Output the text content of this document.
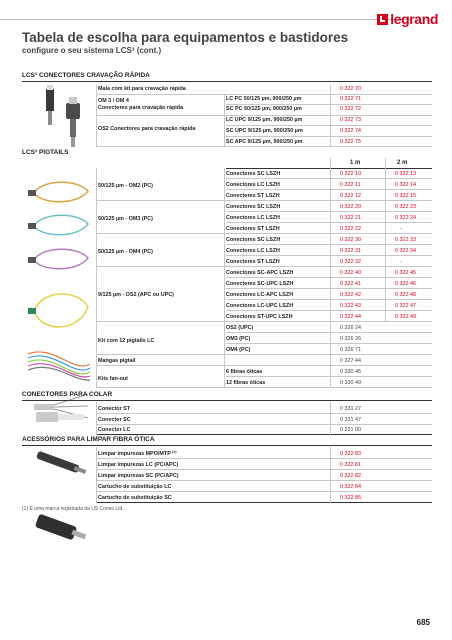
legrand
Tabela de escolha para equipamentos e bastidores
configure o seu sistema LCS³ (cont.)
LCS³ CONECTORES CRAVAÇÃO RÁPIDA
Mala com kit para cravação rápida	0 322 70
OM 3 / OM 4
Conectores para cravação rápida
LC PC 50/125 µm, 900/250 µm	0 322 71
SC PC 50/125 µm, 900/250 µm	0 322 72
OS2 Conectores para cravação rápida
LC UPC 9/125 µm, 900/250 µm	0 322 73
SC UPC 9/125 µm, 900/250 µm	0 322 74
SC APC 9/125 µm, 900/250 µm	0 322 75
LCS³ PIGTAILS
1 m	2 m
50/125 µm - OM2 (PC)
Conectores SC LSZH	0 322 10	0 322 13
Conectores LC LSZH	0 322 11	0 322 14
Conectores ST LSZH	0 322 12	0 322 15
50/125 µm - OM3 (PC)
Conectores SC LSZH	0 322 20	0 322 23
Conectores LC LSZH	0 322 21	0 322 24
Conectores ST LSZH	0 322 22	-
50/125 µm - OM4 (PC)
Conectores SC LSZH	0 322 30	0 322 33
Conectores LC LSZH	0 322 31	0 322 34
Conectores ST LSZH	0 322 32	-
9/125 µm - OS2 (APC ou UPC)
Conectores SC-APC LSZH	0 322 40	0 322 45
Conectores SC-UPC LSZH	0 322 41	0 322 46
Conectores LC-APC LSZH	0 322 42	0 322 48
Conectores LC-UPC LSZH	0 322 43	0 322 47
Conectores ST-UPC LSZH	0 322 44	0 322 49
Kit com 12 pigtails LC
OS2 (UPC)	0 326 24
OM3 (PC)	0 326 26
OM4 (PC)	0 326 71
Mangas pigtail	0 327 44
Kits fan-out
6 fibras óticas	0 330 45
12 fibras óticas	0 330 49
CONECTORES PARA COLAR
Conector ST	0 331 27
Conector SC	0 331 47
Conector LC	0 331 00
ACESSÓRIOS PARA LIMPAR FIBRA ÓTICA
Limpar impurezas MPO/MTP ⁽¹⁾	0 322 83
Limpar impurezas LC (PC/APC)	0 322 81
Limpar impurezas SC (PC/APC)	0 322 82
Cartucho de substituição LC	0 322 84
Cartucho de substituição SC	0 322 85
(1) É uma marca registrada da US Conec Ltd.
685
